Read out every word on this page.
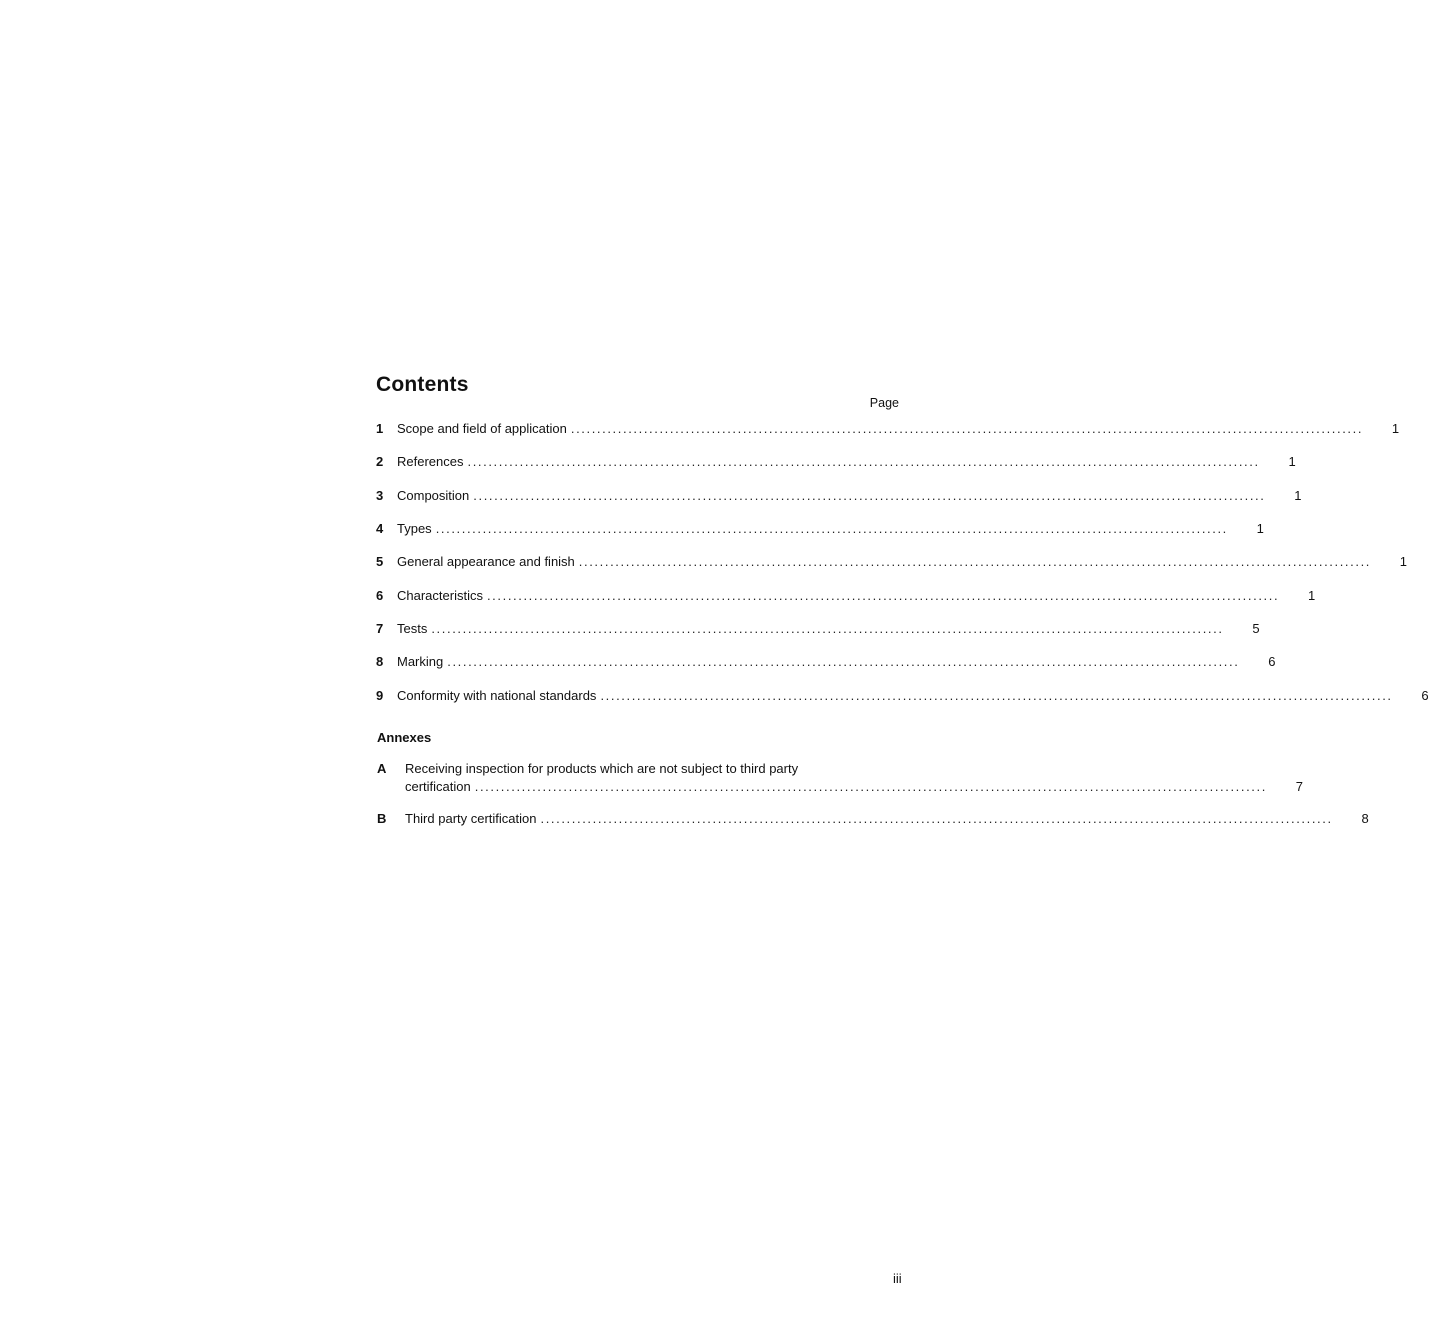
Contents
Page
1	Scope and field of application .....	1
2	References .....	1
3	Composition .....	1
4	Types .....	1
5	General appearance and finish .....	1
6	Characteristics .....	1
7	Tests .....	5
8	Marking .....	6
9	Conformity with national standards .....	6
Annexes
A	Receiving inspection for products which are not subject to third party
certification .....	7
B	Third party certification .....	8
iii
